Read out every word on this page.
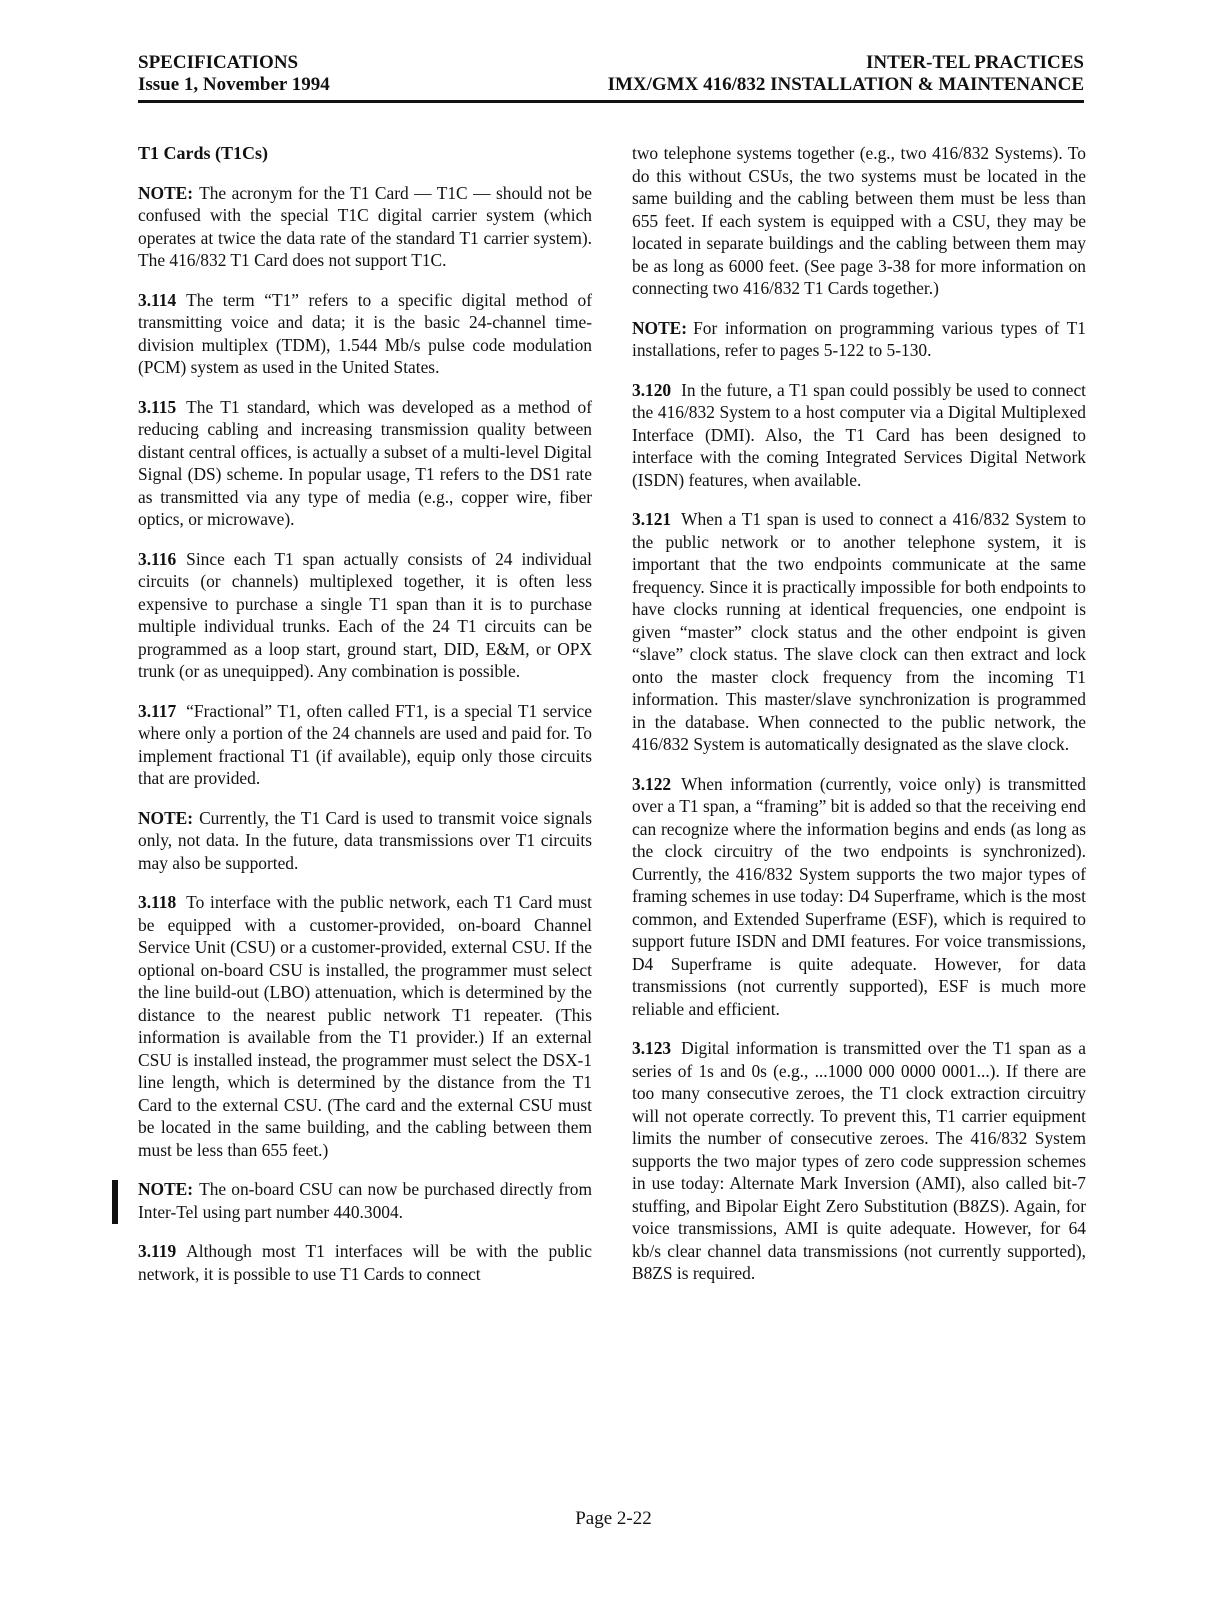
SPECIFICATIONS
Issue 1, November 1994
INTER-TEL PRACTICES
IMX/GMX 416/832 INSTALLATION & MAINTENANCE
T1 Cards (T1Cs)

NOTE: The acronym for the T1 Card — T1C — should not be confused with the special T1C digital carrier system (which operates at twice the data rate of the standard T1 carrier system). The 416/832 T1 Card does not support T1C.

3.114 The term “T1” refers to a specific digital method of transmitting voice and data; it is the basic 24-channel time-division multiplex (TDM), 1.544 Mb/s pulse code modulation (PCM) system as used in the United States.

3.115 The T1 standard, which was developed as a method of reducing cabling and increasing transmission quality between distant central offices, is actually a subset of a multi-level Digital Signal (DS) scheme. In popular usage, T1 refers to the DS1 rate as transmitted via any type of media (e.g., copper wire, fiber optics, or microwave).

3.116 Since each T1 span actually consists of 24 individual circuits (or channels) multiplexed together, it is often less expensive to purchase a single T1 span than it is to purchase multiple individual trunks. Each of the 24 T1 circuits can be programmed as a loop start, ground start, DID, E&M, or OPX trunk (or as unequipped). Any combination is possible.

3.117 “Fractional” T1, often called FT1, is a special T1 service where only a portion of the 24 channels are used and paid for. To implement fractional T1 (if available), equip only those circuits that are provided.

NOTE: Currently, the T1 Card is used to transmit voice signals only, not data. In the future, data transmissions over T1 circuits may also be supported.

3.118 To interface with the public network, each T1 Card must be equipped with a customer-provided, on-board Channel Service Unit (CSU) or a customer-provided, external CSU. If the optional on-board CSU is installed, the programmer must select the line build-out (LBO) attenuation, which is determined by the distance to the nearest public network T1 repeater. (This information is available from the T1 provider.) If an external CSU is installed instead, the programmer must select the DSX-1 line length, which is determined by the distance from the T1 Card to the external CSU. (The card and the external CSU must be located in the same building, and the cabling between them must be less than 655 feet.)

NOTE: The on-board CSU can now be purchased directly from Inter-Tel using part number 440.3004.

3.119 Although most T1 interfaces will be with the public network, it is possible to use T1 Cards to connect

two telephone systems together (e.g., two 416/832 Systems). To do this without CSUs, the two systems must be located in the same building and the cabling between them must be less than 655 feet. If each system is equipped with a CSU, they may be located in separate buildings and the cabling between them may be as long as 6000 feet. (See page 3-38 for more information on connecting two 416/832 T1 Cards together.)

NOTE: For information on programming various types of T1 installations, refer to pages 5-122 to 5-130.

3.120 In the future, a T1 span could possibly be used to connect the 416/832 System to a host computer via a Digital Multiplexed Interface (DMI). Also, the T1 Card has been designed to interface with the coming Integrated Services Digital Network (ISDN) features, when available.

3.121 When a T1 span is used to connect a 416/832 System to the public network or to another telephone system, it is important that the two endpoints communicate at the same frequency. Since it is practically impossible for both endpoints to have clocks running at identical frequencies, one endpoint is given “master” clock status and the other endpoint is given “slave” clock status. The slave clock can then extract and lock onto the master clock frequency from the incoming T1 information. This master/slave synchronization is programmed in the database. When connected to the public network, the 416/832 System is automatically designated as the slave clock.

3.122 When information (currently, voice only) is transmitted over a T1 span, a “framing” bit is added so that the receiving end can recognize where the information begins and ends (as long as the clock circuitry of the two endpoints is synchronized). Currently, the 416/832 System supports the two major types of framing schemes in use today: D4 Superframe, which is the most common, and Extended Superframe (ESF), which is required to support future ISDN and DMI features. For voice transmissions, D4 Superframe is quite adequate. However, for data transmissions (not currently supported), ESF is much more reliable and efficient.

3.123 Digital information is transmitted over the T1 span as a series of 1s and 0s (e.g., ...1000 000 0000 0001...). If there are too many consecutive zeroes, the T1 clock extraction circuitry will not operate correctly. To prevent this, T1 carrier equipment limits the number of consecutive zeroes. The 416/832 System supports the two major types of zero code suppression schemes in use today: Alternate Mark Inversion (AMI), also called bit-7 stuffing, and Bipolar Eight Zero Substitution (B8ZS). Again, for voice transmissions, AMI is quite adequate. However, for 64 kb/s clear channel data transmissions (not currently supported), B8ZS is required.

Page 2-22
